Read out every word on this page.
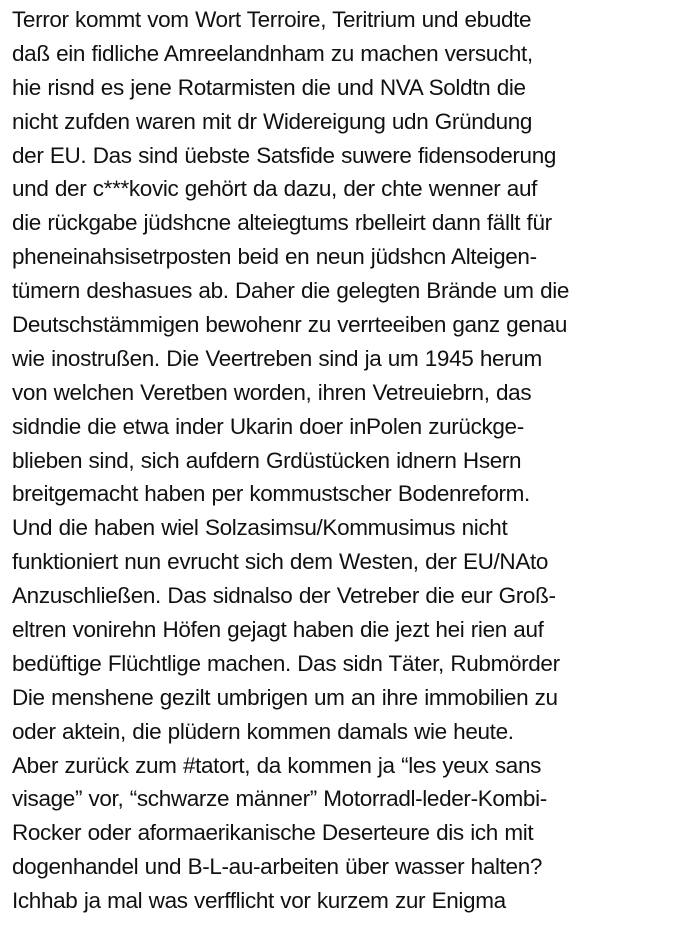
Terror kommt vom Wort Terroire, Teritrium und ebudte
daß ein fidliche Amreelandnham zu machen versucht,
hie risnd es jene Rotarmisten die und NVA Soldtn die
nicht zufden waren mit dr Widereigung udn Gründung
der EU. Das sind üebste Satsfide suwere fidensoderung
und der c***kovic gehört da dazu, der chte wenner auf
die rückgabe jüdshcne alteiegtums rbelleirt dann fällt für
pheneinahsisetrposten beid en neun jüdshcn Alteigen-
tümern deshasues ab. Daher die gelegten Brände um die
Deutschstämmigen bewohenr zu verrteeiben ganz genau
wie inostrußen. Die Veertreben sind ja um 1945 herum
von welchen Veretben worden, ihren Vetreuiebrn, das
sidndie die etwa inder Ukarin doer inPolen zurückge-
blieben sind, sich aufdern Grdüstücken idnern Hsern
breitgemacht haben per kommustscher Bodenreform.
Und die haben wiel Solzasimsu/Kommusimus nicht
funktioniert nun evrucht sich dem Westen, der EU/NAto
Anzuschließen. Das sidnalso der Vetreber die eur Groß-
eltren vonirehn Höfen gejagt haben die jezt hei rien auf
bedüftige Flüchtlige machen. Das sidn Täter, Rubmörder
Die menshene gezilt umbrigen um an ihre immobilien zu
oder aktein, die plüdern kommen damals wie heute.
Aber zurück zum #tatort, da kommen ja “les yeux sans
visage” vor, “schwarze männer” Motorradl-leder-Kombi-
Rocker oder aformaerikanische Deserteure dis ich mit
dogenhandel und B-L-au-arbeiten über wasser halten?
Ichhab ja mal was verfflicht vor kurzem zur Enigma
